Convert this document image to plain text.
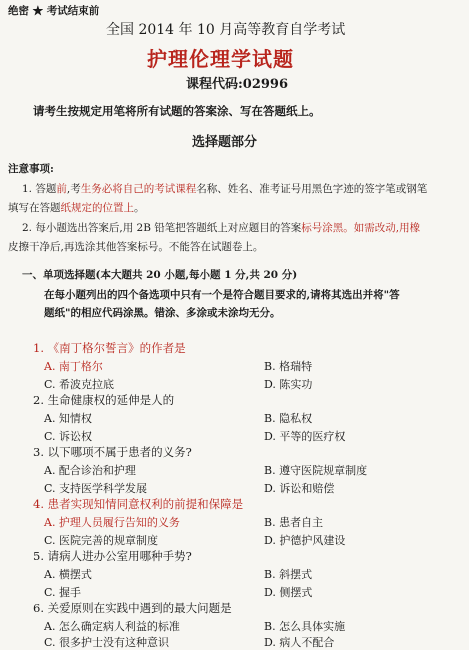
绝密 ★ 考试结束前
全国 2014 年 10 月高等教育自学考试
护理伦理学试题
课程代码:02996
请考生按规定用笔将所有试题的答案涂、写在答题纸上。
选择题部分
注意事项:
1. 答题前,考生务必将自己的考试课程名称、姓名、准考证号用黑色字迹的签字笔或钢笔
填写在答题纸规定的位置上。
2. 每小题选出答案后,用 2B 铅笔把答题纸上对应题目的答案标号涂黑。如需改动,用橡
皮擦干净后,再选涂其他答案标号。不能答在试题卷上。
一、单项选择题(本大题共 20 小题,每小题 1 分,共 20 分)
在每小题列出的四个备选项中只有一个是符合题目要求的,请将其选出并将"答
题纸"的相应代码涂黑。错涂、多涂或未涂均无分。
1. 《南丁格尔誓言》的作者是
A. 南丁格尔	B. 格瑞特
C. 希波克拉底	D. 陈实功
2. 生命健康权的延伸是人的
A. 知情权	B. 隐私权
C. 诉讼权	D. 平等的医疗权
3. 以下哪项不属于患者的义务?
A. 配合诊治和护理	B. 遵守医院规章制度
C. 支持医学科学发展	D. 诉讼和赔偿
4. 患者实现知情同意权利的前提和保障是
A. 护理人员履行告知的义务	B. 患者自主
C. 医院完善的规章制度	D. 护德护风建设
5. 请病人进办公室用哪种手势?
A. 横摆式	B. 斜摆式
C. 握手	D. 侧摆式
6. 关爱原则在实践中遇到的最大问题是
A. 怎么确定病人利益的标准	B. 怎么具体实施
C. 很多护士没有这种意识	D. 病人不配合
